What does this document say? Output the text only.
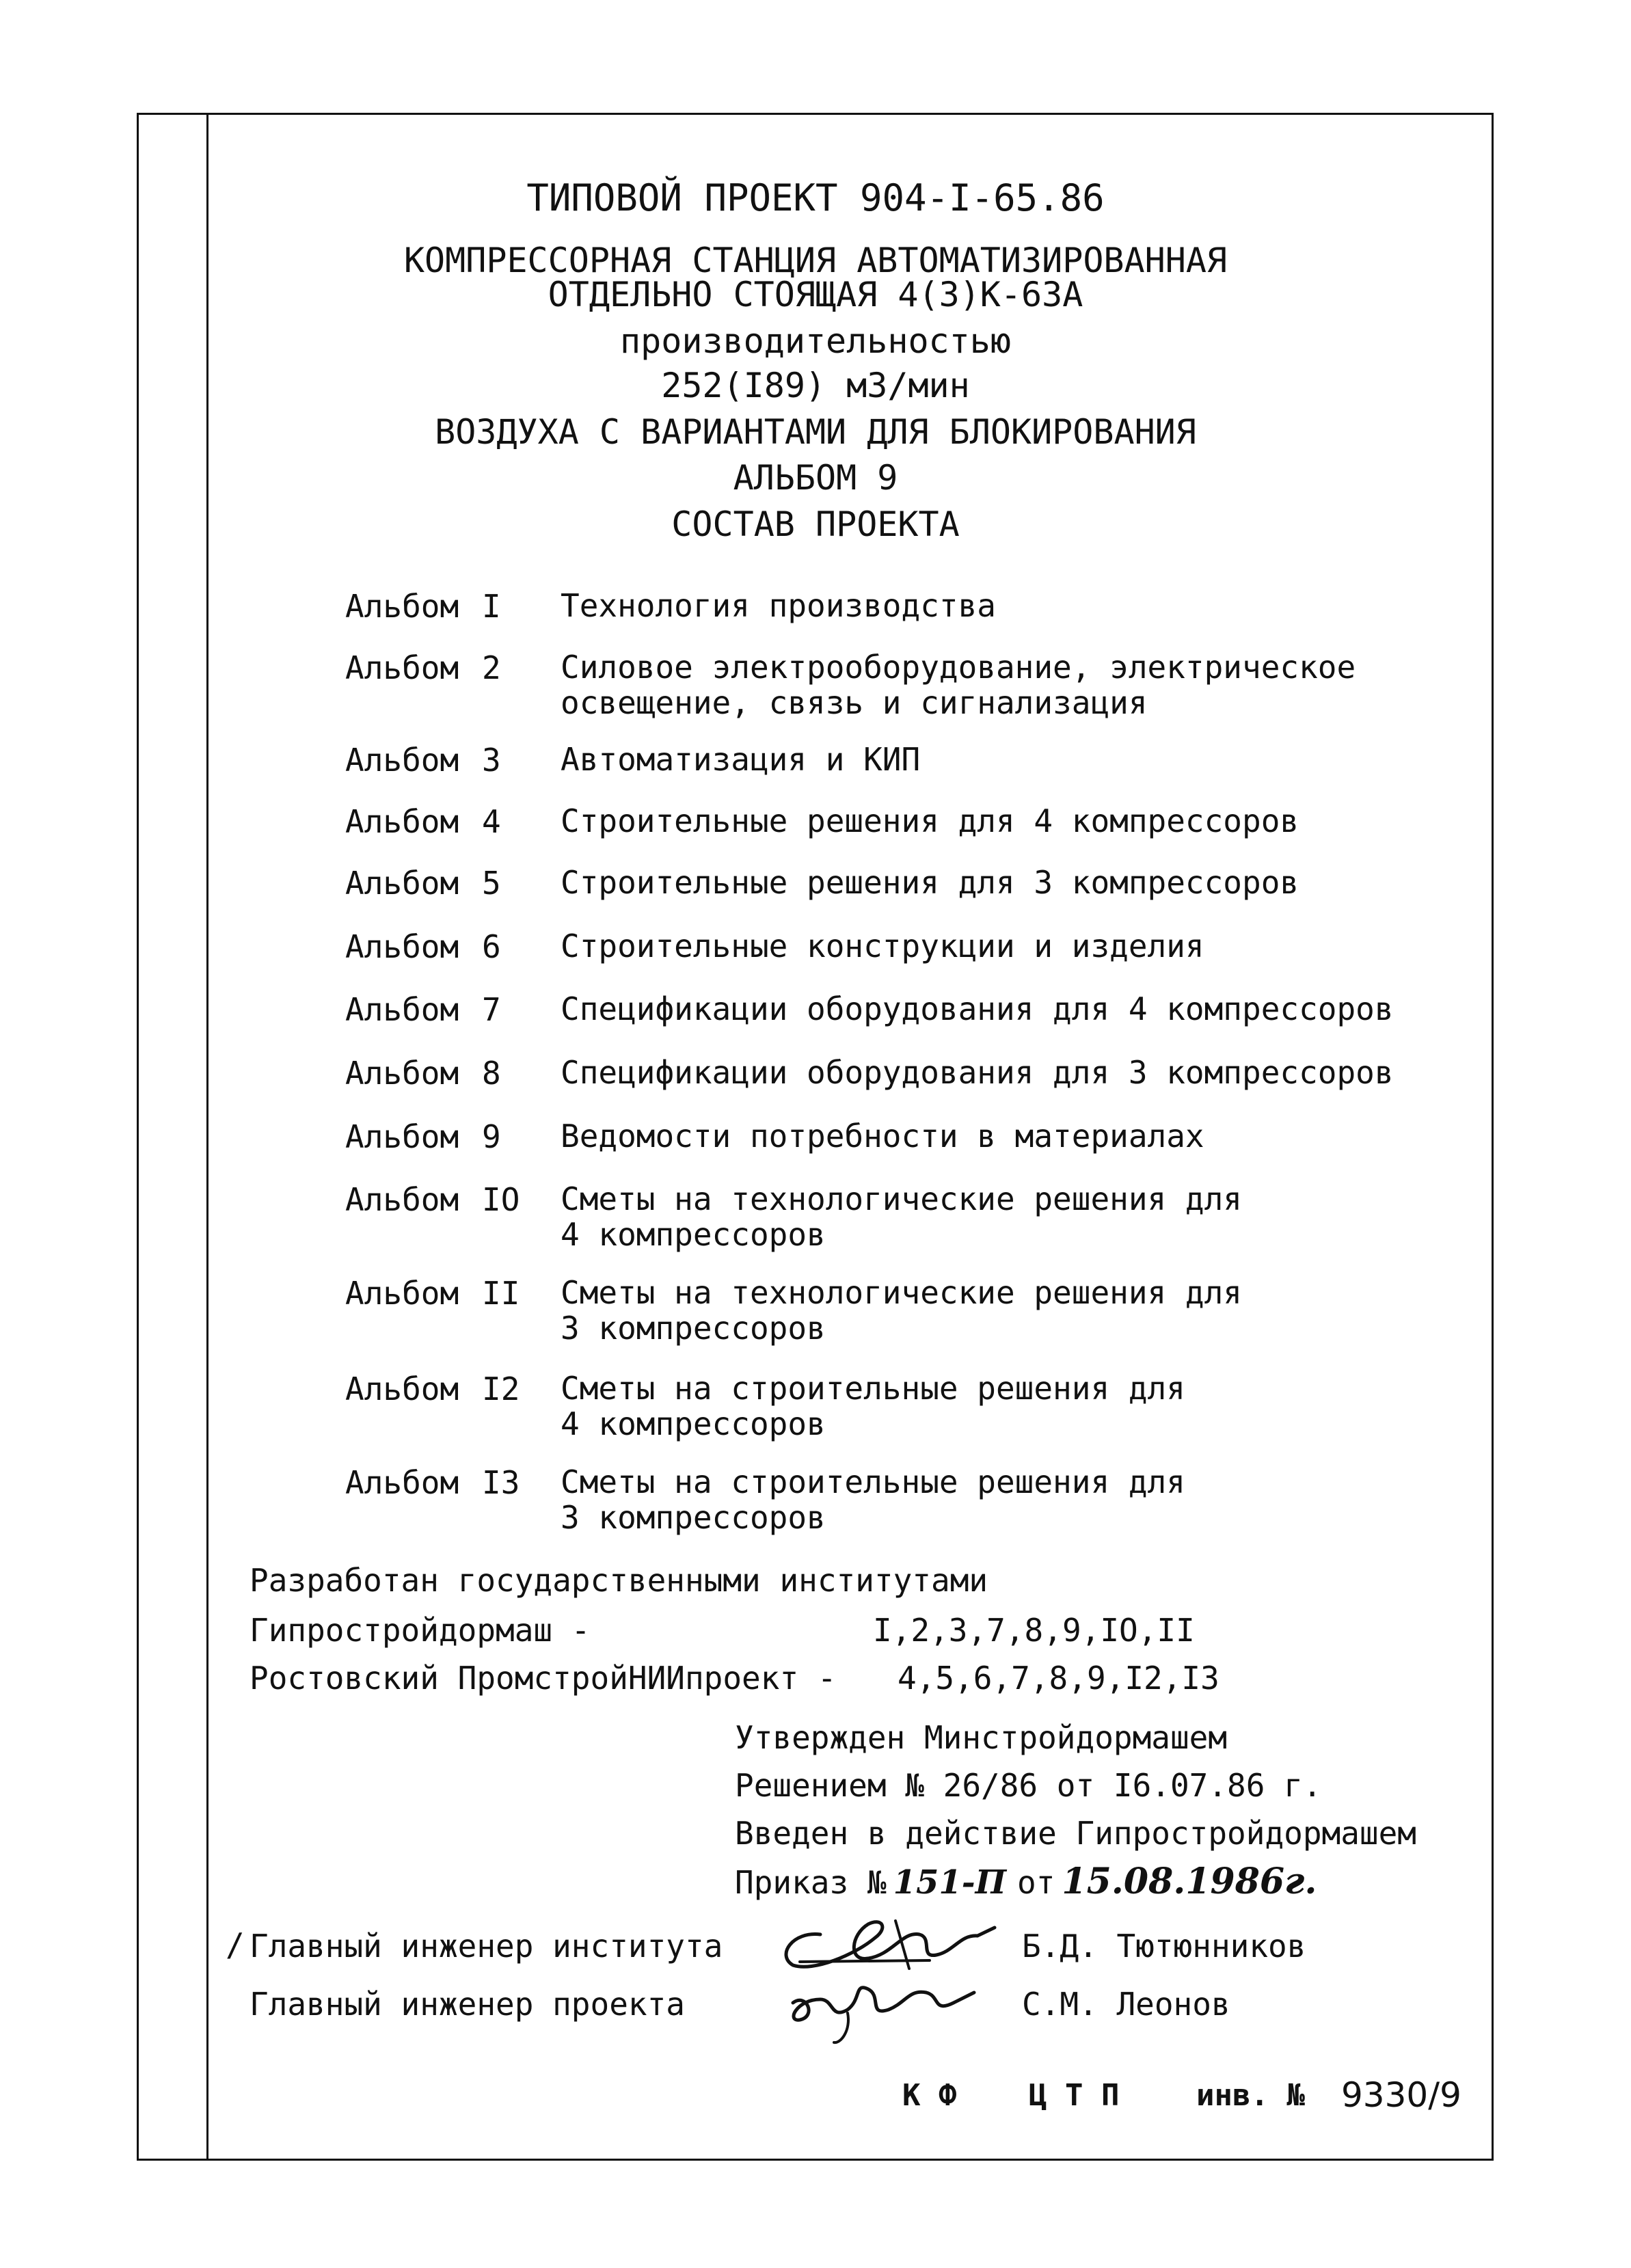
ТИПОВОЙ ПРОЕКТ 904-I-65.86
КОМПРЕССОРНАЯ СТАНЦИЯ АВТОМАТИЗИРОВАННАЯ
ОТДЕЛЬНО СТОЯЩАЯ 4(3)К-63А
производительностью
252(I89) м3/мин
ВОЗДУХА С ВАРИАНТАМИ ДЛЯ БЛОКИРОВАНИЯ
АЛЬБОМ 9
СОСТАВ ПРОЕКТА
Альбом I Технология производства
Альбом 2 Силовое электрооборудование, электрическое
освещение, связь и сигнализация
Альбом 3 Автоматизация и КИП
Альбом 4 Строительные решения для 4 компрессоров
Альбом 5 Строительные решения для 3 компрессоров
Альбом 6 Строительные конструкции и изделия
Альбом 7 Спецификации оборудования для 4 компрессоров
Альбом 8 Спецификации оборудования для 3 компрессоров
Альбом 9 Ведомости потребности в материалах
Альбом IO Сметы на технологические решения для
4 компрессоров
Альбом II Сметы на технологические решения для
3 компрессоров
Альбом I2 Сметы на строительные решения для
4 компрессоров
Альбом I3 Сметы на строительные решения для
3 компрессоров
Разработан государственными институтами
Гипростройдормаш -	I,2,3,7,8,9,IO,II
Ростовский ПромстройНИИпроект - 4,5,6,7,8,9,I2,I3
Утвержден Минстройдормашем
Решением № 26/86 от I6.07.86 г.
Введен в действие Гипростройдормашем
Приказ № 151-П от 15.08.1986г.
/ Главный инженер института	Б.Д. Тютюнников
Главный инженер проекта	С.М. Леонов
К Ф Ц Т П	инв. № 9330/9
